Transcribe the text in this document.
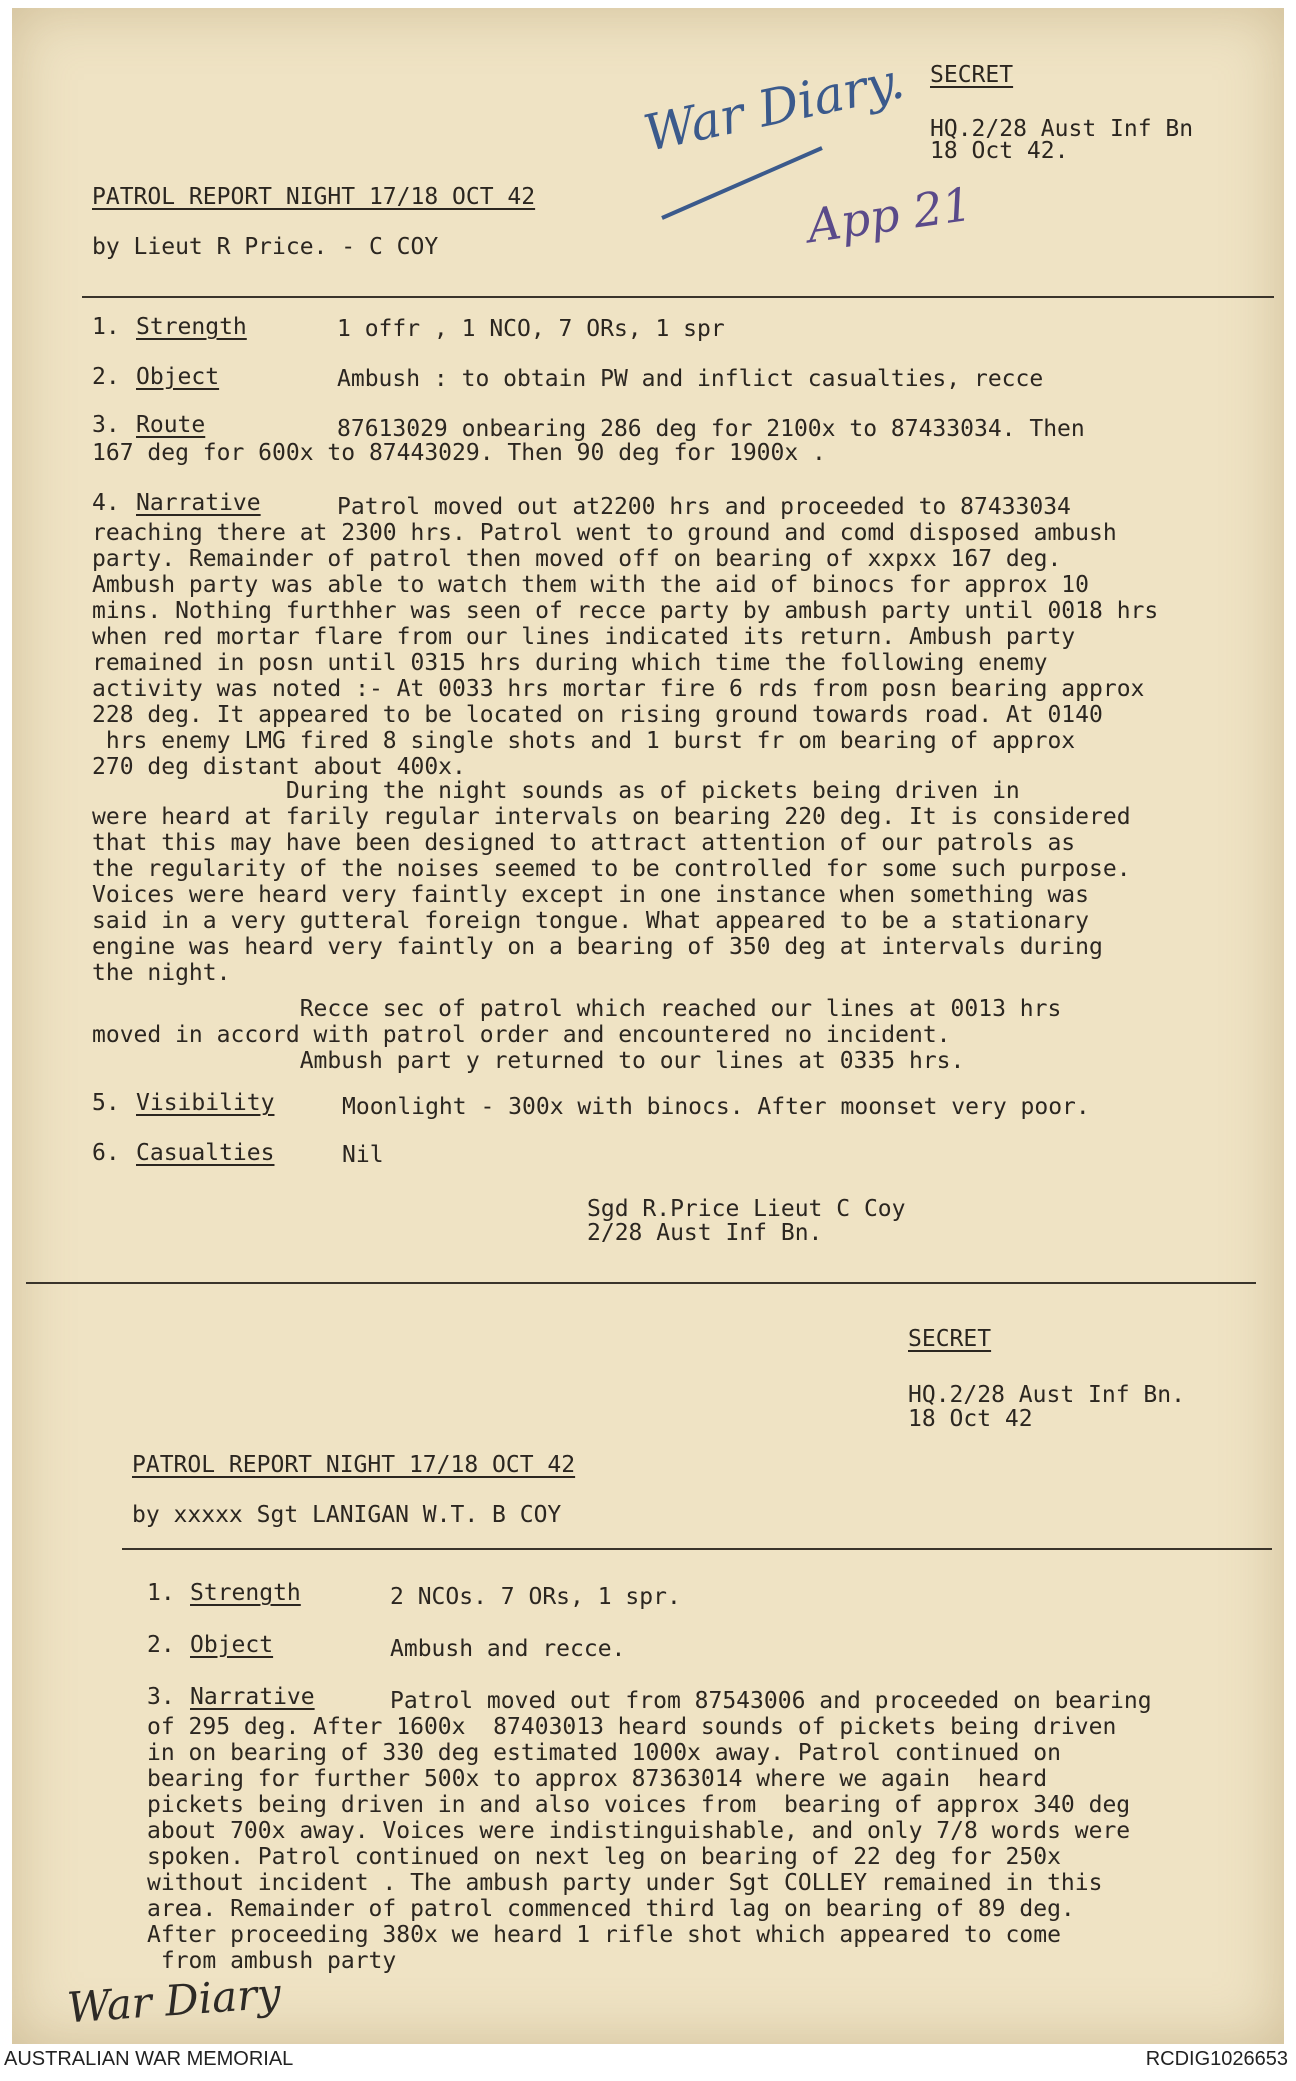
SECRET
HQ.2/28 Aust Inf Bn
18 Oct 42.
War Diary.
App 21
PATROL REPORT NIGHT 17/18 OCT 42
by Lieut R Price. - C COY
1. Strength	1 offr , 1 NCO, 7 ORs, 1 spr
2. Object	Ambush : to obtain PW and inflict casualties, recce
3. Route	87613029 onbearing 286 deg for 2100x to 87433034. Then
167 deg for 600x to 87443029. Then 90 deg for 1900x .
4. Narrative	Patrol moved out at2200 hrs and proceeded to 87433034
reaching there at 2300 hrs. Patrol went to ground and comd disposed ambush
party. Remainder of patrol then moved off on bearing of xxpxx 167 deg.
Ambush party was able to watch them with the aid of binocs for approx 10
mins. Nothing furthher was seen of recce party by ambush party until 0018 hrs
when red mortar flare from our lines indicated its return. Ambush party
remained in posn until 0315 hrs during which time the following enemy
activity was noted :- At 0033 hrs mortar fire 6 rds from posn bearing approx
228 deg. It appeared to be located on rising ground towards road. At 0140
hrs enemy LMG fired 8 single shots and 1 burst fr om bearing of approx
270 deg distant about 400x.
During the night sounds as of pickets being driven in
were heard at farily regular intervals on bearing 220 deg. It is considered
that this may have been designed to attract attention of our patrols as
the regularity of the noises seemed to be controlled for some such purpose.
Voices were heard very faintly except in one instance when something was
said in a very gutteral foreign tongue. What appeared to be a stationary
engine was heard very faintly on a bearing of 350 deg at intervals during
the night.
Recce sec of patrol which reached our lines at 0013 hrs
moved in accord with patrol order and encountered no incident.
Ambush part y returned to our lines at 0335 hrs.
5. Visibility	Moonlight - 300x with binocs. After moonset very poor.
6. Casualties	Nil
Sgd R.Price Lieut C Coy
2/28 Aust Inf Bn.
SECRET
HQ.2/28 Aust Inf Bn.
18 Oct 42
PATROL REPORT NIGHT 17/18 OCT 42
by xxxxx Sgt LANIGAN W.T. B COY
1. Strength	2 NCOs. 7 ORs, 1 spr.
2. Object	Ambush and recce.
3. Narrative	Patrol moved out from 87543006 and proceeded on bearing
of 295 deg. After 1600x  87403013 heard sounds of pickets being driven
in on bearing of 330 deg estimated 1000x away. Patrol continued on
bearing for further 500x to approx 87363014 where we again  heard
pickets being driven in and also voices from  bearing of approx 340 deg
about 700x away. Voices were indistinguishable, and only 7/8 words were
spoken. Patrol continued on next leg on bearing of 22 deg for 250x
without incident . The ambush party under Sgt COLLEY remained in this
area. Remainder of patrol commenced third lag on bearing of 89 deg.
After proceeding 380x we heard 1 rifle shot which appeared to come
from ambush party
War Diary
AUSTRALIAN WAR MEMORIAL	RCDIG1026653
